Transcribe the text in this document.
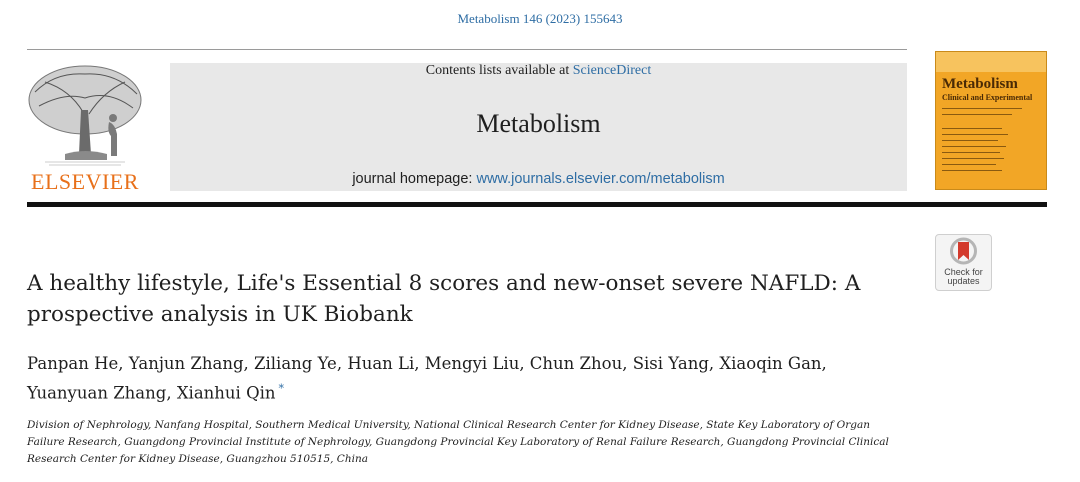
Metabolism 146 (2023) 155643
ELSEVIER
Contents lists available at ScienceDirect
Metabolism
journal homepage: www.journals.elsevier.com/metabolism
Metabolism
Clinical and Experimental
Check for
updates
A healthy lifestyle, Life's Essential 8 scores and new-onset severe NAFLD: A prospective analysis in UK Biobank
Panpan He, Yanjun Zhang, Ziliang Ye, Huan Li, Mengyi Liu, Chun Zhou, Sisi Yang, Xiaoqin Gan,
Yuanyuan Zhang, Xianhui Qin *
Division of Nephrology, Nanfang Hospital, Southern Medical University, National Clinical Research Center for Kidney Disease, State Key Laboratory of Organ Failure Research, Guangdong Provincial Institute of Nephrology, Guangdong Provincial Key Laboratory of Renal Failure Research, Guangdong Provincial Clinical Research Center for Kidney Disease, Guangzhou 510515, China
